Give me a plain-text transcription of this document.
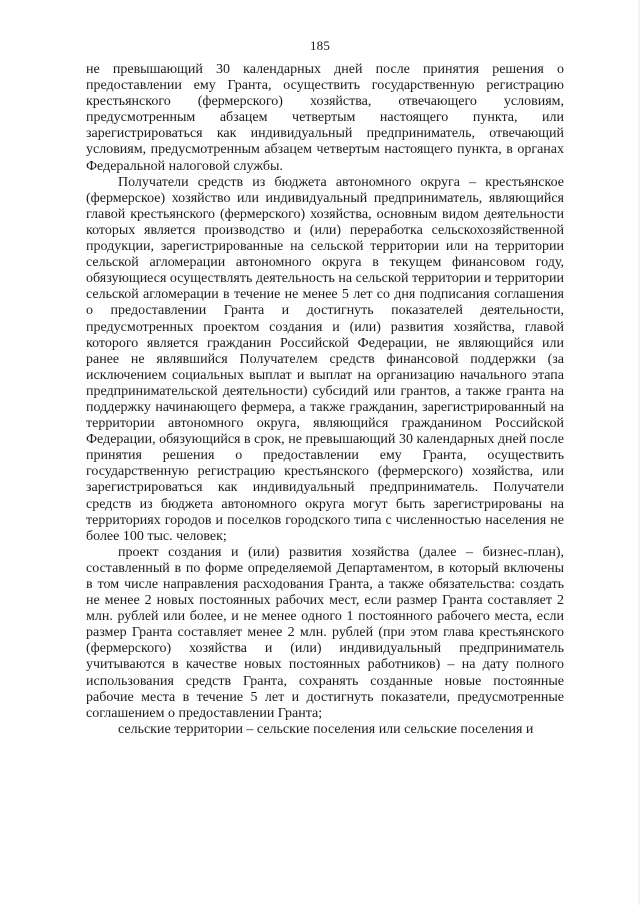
185

не превышающий 30 календарных дней после принятия решения о предоставлении ему Гранта, осуществить государственную регистрацию крестьянского (фермерского) хозяйства, отвечающего условиям, предусмотренным абзацем четвертым настоящего пункта, или зарегистрироваться как индивидуальный предприниматель, отвечающий условиям, предусмотренным абзацем четвертым настоящего пункта, в органах Федеральной налоговой службы.

Получатели средств из бюджета автономного округа – крестьянское (фермерское) хозяйство или индивидуальный предприниматель, являющийся главой крестьянского (фермерского) хозяйства, основным видом деятельности которых является производство и (или) переработка сельскохозяйственной продукции, зарегистрированные на сельской территории или на территории сельской агломерации автономного округа в текущем финансовом году, обязующиеся осуществлять деятельность на сельской территории и территории сельской агломерации в течение не менее 5 лет со дня подписания соглашения о предоставлении Гранта и достигнуть показателей деятельности, предусмотренных проектом создания и (или) развития хозяйства, главой которого является гражданин Российской Федерации, не являющийся или ранее не являвшийся Получателем средств финансовой поддержки (за исключением социальных выплат и выплат на организацию начального этапа предпринимательской деятельности) субсидий или грантов, а также гранта на поддержку начинающего фермера, а также гражданин, зарегистрированный на территории автономного округа, являющийся гражданином Российской Федерации, обязующийся в срок, не превышающий 30 календарных дней после принятия решения о предоставлении ему Гранта, осуществить государственную регистрацию крестьянского (фермерского) хозяйства, или зарегистрироваться как индивидуальный предприниматель. Получатели средств из бюджета автономного округа могут быть зарегистрированы на территориях городов и поселков городского типа с численностью населения не более 100 тыс. человек;

проект создания и (или) развития хозяйства (далее – бизнес-план), составленный в по форме определяемой Департаментом, в который включены в том числе направления расходования Гранта, а также обязательства: создать не менее 2 новых постоянных рабочих мест, если размер Гранта составляет 2 млн. рублей или более, и не менее одного 1 постоянного рабочего места, если размер Гранта составляет менее 2 млн. рублей (при этом глава крестьянского (фермерского) хозяйства и (или) индивидуальный предприниматель учитываются в качестве новых постоянных работников) – на дату полного использования средств Гранта, сохранять созданные новые постоянные рабочие места в течение 5 лет и достигнуть показатели, предусмотренные соглашением о предоставлении Гранта;

сельские территории – сельские поселения или сельские поселения и
